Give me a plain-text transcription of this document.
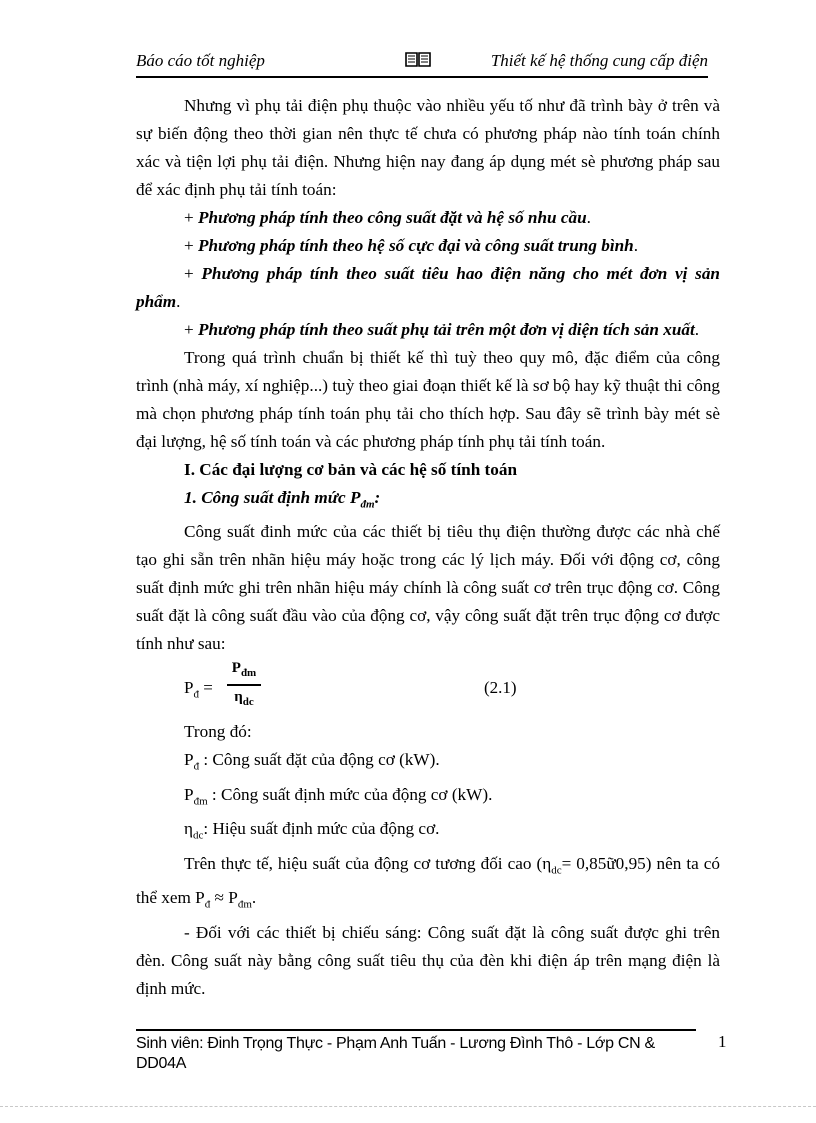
Báo cáo tốt nghiệp	Thiết kế hệ thống cung cấp điện

Nhưng vì phụ tải điện phụ thuộc vào nhiều yếu tố như đã trình bày ở trên và sự biến động theo thời gian nên thực tế chưa có phương pháp nào tính toán chính xác và tiện lợi phụ tải điện. Nhưng hiện nay đang áp dụng mét sè phương pháp sau để xác định phụ tải tính toán:

+ Phương pháp tính theo công suất đặt và hệ số nhu cầu.

+ Phương pháp tính theo hệ số cực đại và công suất trung bình.

+ Phương pháp tính theo suất tiêu hao điện năng cho mét đơn vị sản phẩm.

+ Phương pháp tính theo suất phụ tải trên một đơn vị diện tích sản xuất.

Trong quá trình chuẩn bị thiết kế thì tuỳ theo quy mô, đặc điểm của công trình (nhà máy, xí nghiệp...) tuỳ theo giai đoạn thiết kế là sơ bộ hay kỹ thuật thi công mà chọn phương pháp tính toán phụ tải cho thích hợp. Sau đây sẽ trình bày mét sè đại lượng, hệ số tính toán và các phương pháp tính phụ tải tính toán.

I. Các đại lượng cơ bản và các hệ số tính toán

1. Công suất định mức $P_{đm}$:

Công suất đinh mức của các thiết bị tiêu thụ điện thường được các nhà chế tạo ghi sẵn trên nhãn hiệu máy hoặc trong các lý lịch máy. Đối với động cơ, công suất định mức ghi trên nhãn hiệu máy chính là công suất cơ trên trục động cơ. Công suất đặt là công suất đầu vào của động cơ, vậy công suất đặt trên trục động cơ được tính như sau:

$P_đ$ =
$P_{đm}$
$\eta_{dc}$
(2.1)

Trong đó:

$P_đ$ : Công suất đặt của động cơ (kW).

$P_{đm}$ : Công suất định mức của động cơ (kW).

$\eta_{dc}$: Hiệu suất định mức của động cơ.

Trên thực tế, hiệu suất của động cơ tương đối cao ($\eta_{dc}=$ 0,85ữ0,95) nên ta có thể xem $P_đ \approx P_{đm}$.

- Đối với các thiết bị chiếu sáng: Công suất đặt là công suất được ghi trên đèn. Công suất này bằng công suất tiêu thụ của đèn khi điện áp trên mạng điện là định mức.

Sinh viên: Đinh Trọng Thực - Phạm Anh Tuấn - Lương Đình Thô - Lớp CN & DD04A
1
